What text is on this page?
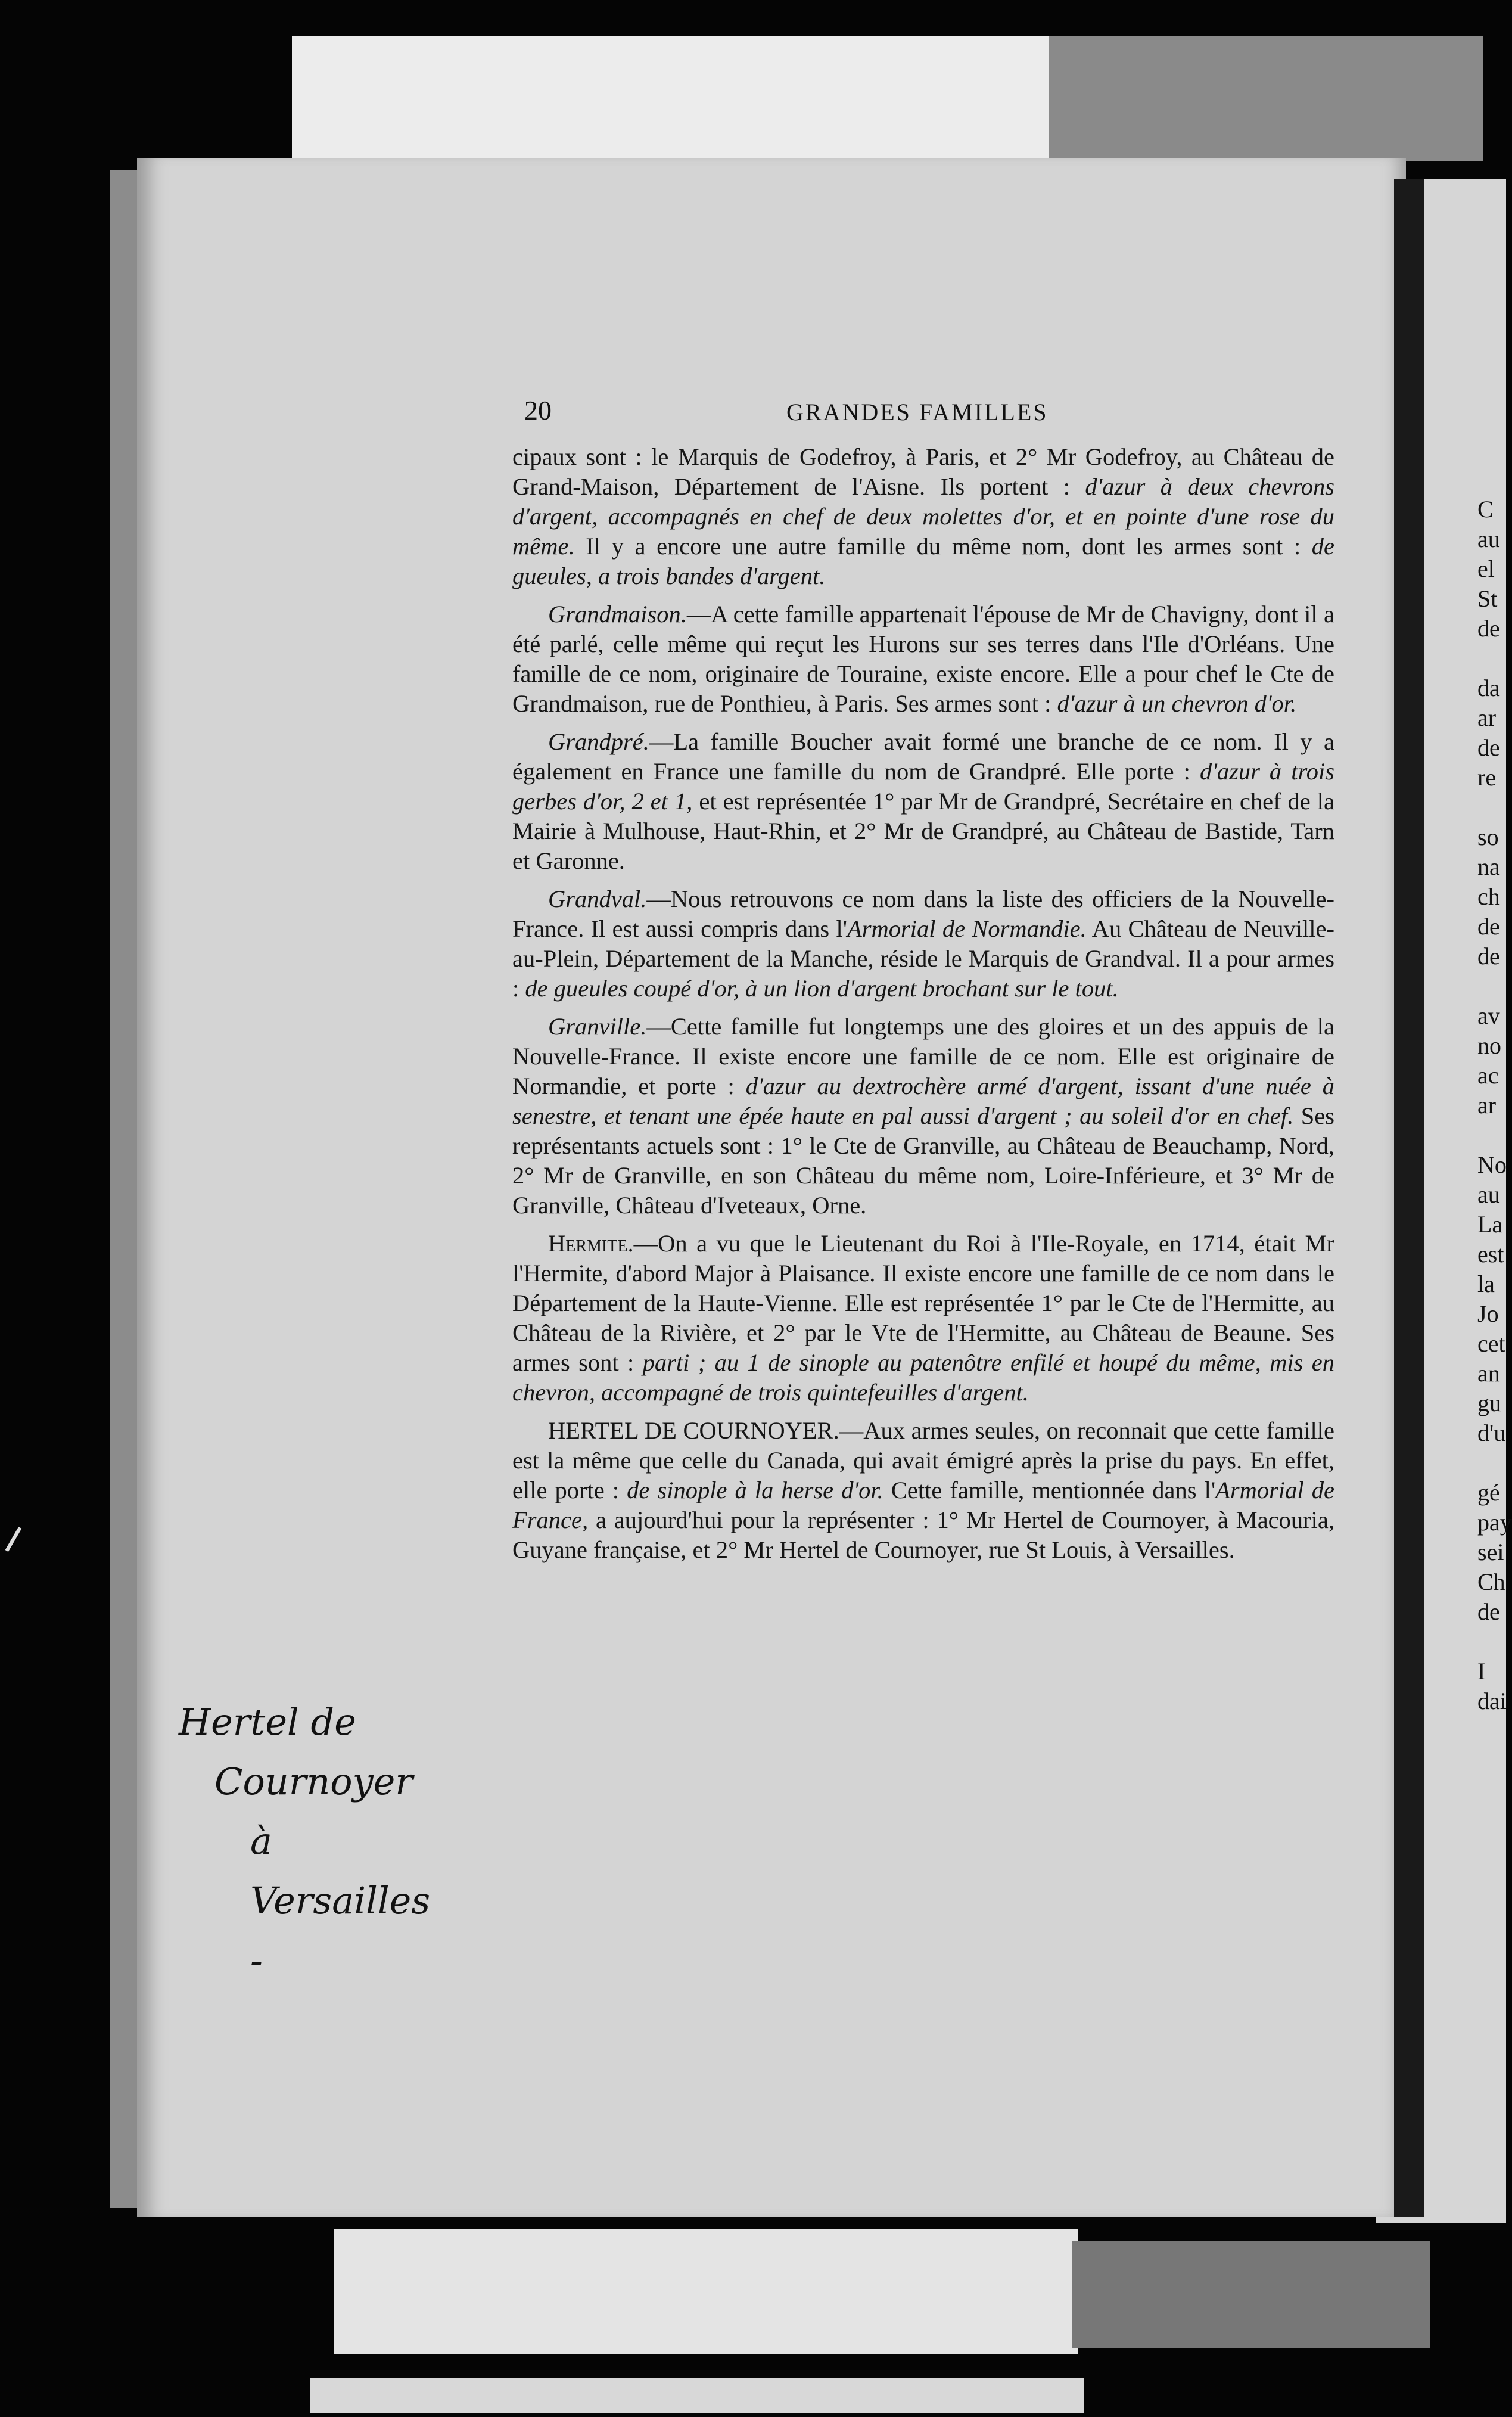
20	GRANDES FAMILLES

cipaux sont : le Marquis de Godefroy, à Paris, et 2° Mr Godefroy, au Château de Grand-Maison, Département de l'Aisne. Ils portent : d'azur à deux chevrons d'argent, accompagnés en chef de deux molettes d'or, et en pointe d'une rose du même. Il y a encore une autre famille du même nom, dont les armes sont : de gueules, a trois bandes d'argent.

Grandmaison.—A cette famille appartenait l'épouse de Mr de Chavigny, dont il a été parlé, celle même qui reçut les Hurons sur ses terres dans l'Ile d'Orléans. Une famille de ce nom, originaire de Touraine, existe encore. Elle a pour chef le Cte de Grandmaison, rue de Ponthieu, à Paris. Ses armes sont : d'azur à un chevron d'or.

Grandpré.—La famille Boucher avait formé une branche de ce nom. Il y a également en France une famille du nom de Grandpré. Elle porte : d'azur à trois gerbes d'or, 2 et 1, et est représentée 1° par Mr de Grandpré, Secrétaire en chef de la Mairie à Mulhouse, Haut-Rhin, et 2° Mr de Grandpré, au Château de Bastide, Tarn et Garonne.

Grandval.—Nous retrouvons ce nom dans la liste des officiers de la Nouvelle-France. Il est aussi compris dans l'Armorial de Normandie. Au Château de Neuville-au-Plein, Département de la Manche, réside le Marquis de Grandval. Il a pour armes : de gueules coupé d'or, à un lion d'argent brochant sur le tout.

Granville.—Cette famille fut longtemps une des gloires et un des appuis de la Nouvelle-France. Il existe encore une famille de ce nom. Elle est originaire de Normandie, et porte : d'azur au dextrochère armé d'argent, issant d'une nuée à senestre, et tenant une épée haute en pal aussi d'argent ; au soleil d'or en chef. Ses représentants actuels sont : 1° le Cte de Granville, au Château de Beauchamp, Nord, 2° Mr de Granville, en son Château du même nom, Loire-Inférieure, et 3° Mr de Granville, Château d'Iveteaux, Orne.

Hermite.—On a vu que le Lieutenant du Roi à l'Ile-Royale, en 1714, était Mr l'Hermite, d'abord Major à Plaisance. Il existe encore une famille de ce nom dans le Département de la Haute-Vienne. Elle est représentée 1° par le Cte de l'Hermitte, au Château de la Rivière, et 2° par le Vte de l'Hermitte, au Château de Beaune. Ses armes sont : parti ; au 1 de sinople au patenôtre enfilé et houpé du même, mis en chevron, accompagné de trois quintefeuilles d'argent.

HERTEL DE COURNOYER.—Aux armes seules, on reconnait que cette famille est la même que celle du Canada, qui avait émigré après la prise du pays. En effet, elle porte : de sinople à la herse d'or. Cette famille, mentionnée dans l'Armorial de France, a aujourd'hui pour la représenter : 1° Mr Hertel de Cournoyer, à Macouria, Guyane française, et 2° Mr Hertel de Cournoyer, rue St Louis, à Versailles.

Hertel de
Cournoyer
à Versailles -
C
au
el
St
de
da
ar
de
re
so
na
ch
de
de
av
no
ac
ar
No
au
La
est
la
Jo
cet
an
gu
d'u
gé
pay
sei
Ch
de
I
dai
